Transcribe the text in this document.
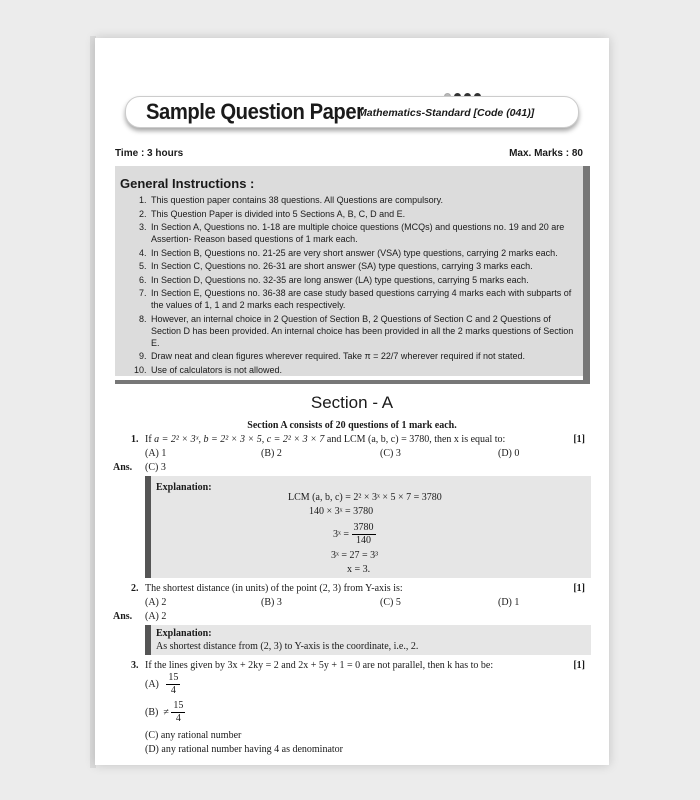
Sample Question Paper
Mathematics-Standard [Code (041)]
Time : 3 hours	Max. Marks : 80
General Instructions :
1. This question paper contains 38 questions. All Questions are compulsory.
2. This Question Paper is divided into 5 Sections A, B, C, D and E.
3. In Section A, Questions no. 1-18 are multiple choice questions (MCQs) and questions no. 19 and 20 are Assertion- Reason based questions of 1 mark each.
4. In Section B, Questions no. 21-25 are very short answer (VSA) type questions, carrying 2 marks each.
5. In Section C, Questions no. 26-31 are short answer (SA) type questions, carrying 3 marks each.
6. In Section D, Questions no. 32-35 are long answer (LA) type questions, carrying 5 marks each.
7. In Section E, Questions no. 36-38 are case study based questions carrying 4 marks each with subparts of the values of 1, 1 and 2 marks each respectively.
8. However, an internal choice in 2 Question of Section B, 2 Questions of Section C and 2 Questions of Section D has been provided. An internal choice has been provided in all the 2 marks questions of Section E.
9. Draw neat and clean figures wherever required. Take π = 22/7 wherever required if not stated.
10. Use of calculators is not allowed.
Section - A
Section A consists of 20 questions of 1 mark each.
1. If a = 2² × 3ˣ, b = 2² × 3 × 5, c = 2² × 3 × 7 and LCM (a, b, c) = 3780, then x is equal to:	[1]
(A) 1	(B) 2	(C) 3	(D) 0
Ans. (C) 3
Explanation:
LCM (a, b, c) = 2² × 3ˣ × 5 × 7 = 3780
140 × 3ˣ = 3780
3ˣ = $\frac{3780}{140}$
3ˣ = 27 = 3³
x = 3.
2. The shortest distance (in units) of the point (2, 3) from Y-axis is:	[1]
(A) 2	(B) 3	(C) 5	(D) 1
Ans. (A) 2
Explanation:
As shortest distance from (2, 3) to Y-axis is the coordinate, i.e., 2.
3. If the lines given by 3x + 2ky = 2 and 2x + 5y + 1 = 0 are not parallel, then k has to be:	[1]
$(A) \frac{15}{4}$
$(B) \ne \frac{15}{4}$
(C) any rational number
(D) any rational number having 4 as denominator
